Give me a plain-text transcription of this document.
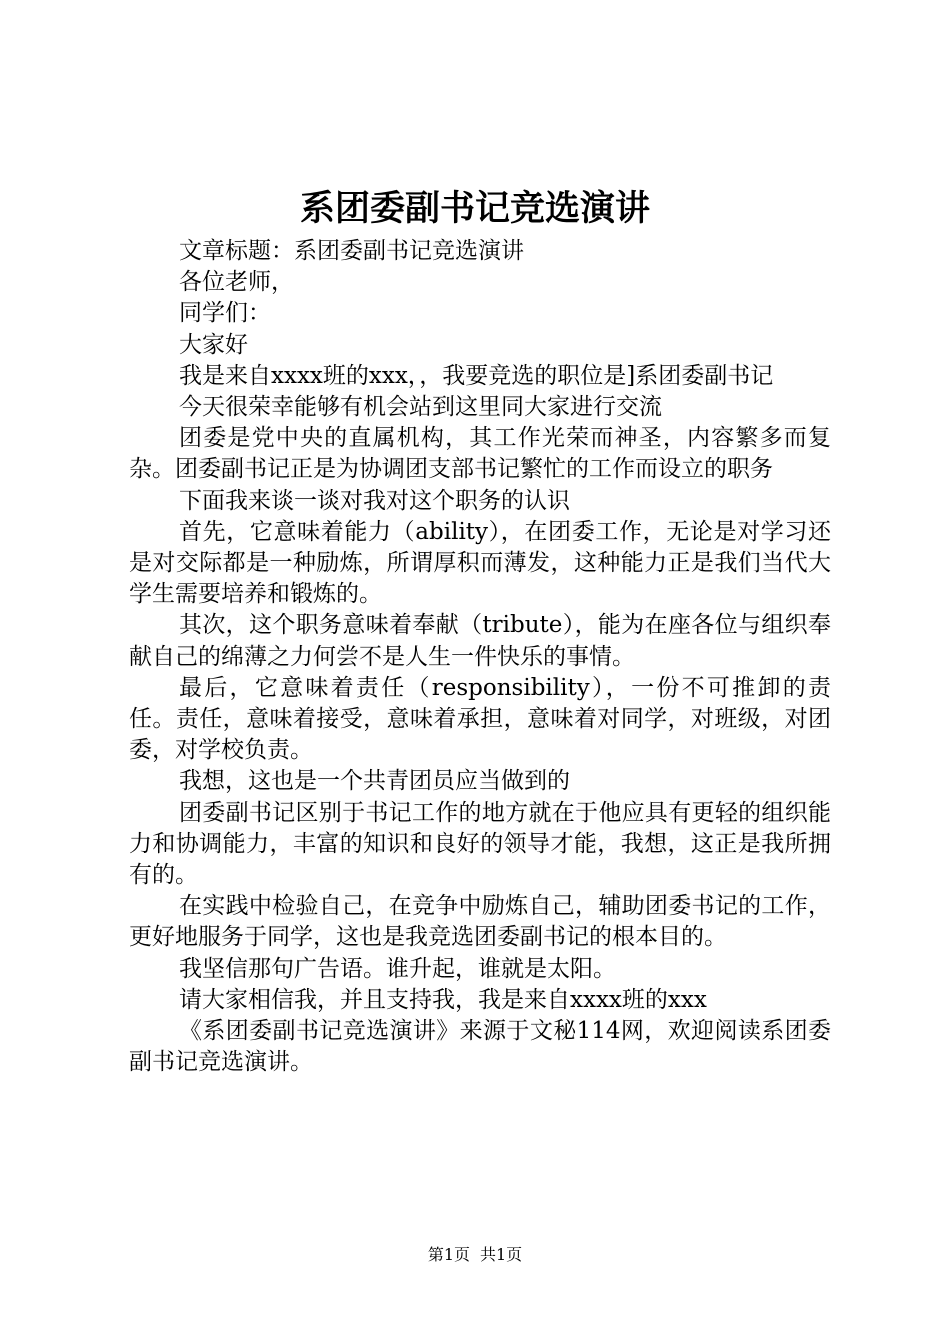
系团委副书记竞选演讲

文章标题：系团委副书记竞选演讲

各位老师，

同学们：

大家好

我是来自xxxx班的xxx，，我要竞选的职位是]系团委副书记

今天很荣幸能够有机会站到这里同大家进行交流

团委是党中央的直属机构，其工作光荣而神圣，内容繁多而复杂。团委副书记正是为协调团支部书记繁忙的工作而设立的职务

下面我来谈一谈对我对这个职务的认识

首先，它意味着能力（ability），在团委工作，无论是对学习还是对交际都是一种励炼，所谓厚积而薄发，这种能力正是我们当代大学生需要培养和锻炼的。

其次，这个职务意味着奉献（tribute），能为在座各位与组织奉献自己的绵薄之力何尝不是人生一件快乐的事情。

最后，它意味着责任（responsibility），一份不可推卸的责任。责任，意味着接受，意味着承担，意味着对同学，对班级，对团委，对学校负责。

我想，这也是一个共青团员应当做到的

团委副书记区别于书记工作的地方就在于他应具有更轻的组织能力和协调能力，丰富的知识和良好的领导才能，我想，这正是我所拥有的。

在实践中检验自己，在竞争中励炼自己，辅助团委书记的工作，更好地服务于同学，这也是我竞选团委副书记的根本目的。

我坚信那句广告语。谁升起，谁就是太阳。

请大家相信我，并且支持我，我是来自xxxx班的xxx

《系团委副书记竞选演讲》来源于文秘114网，欢迎阅读系团委副书记竞选演讲。

第1页 共1页
